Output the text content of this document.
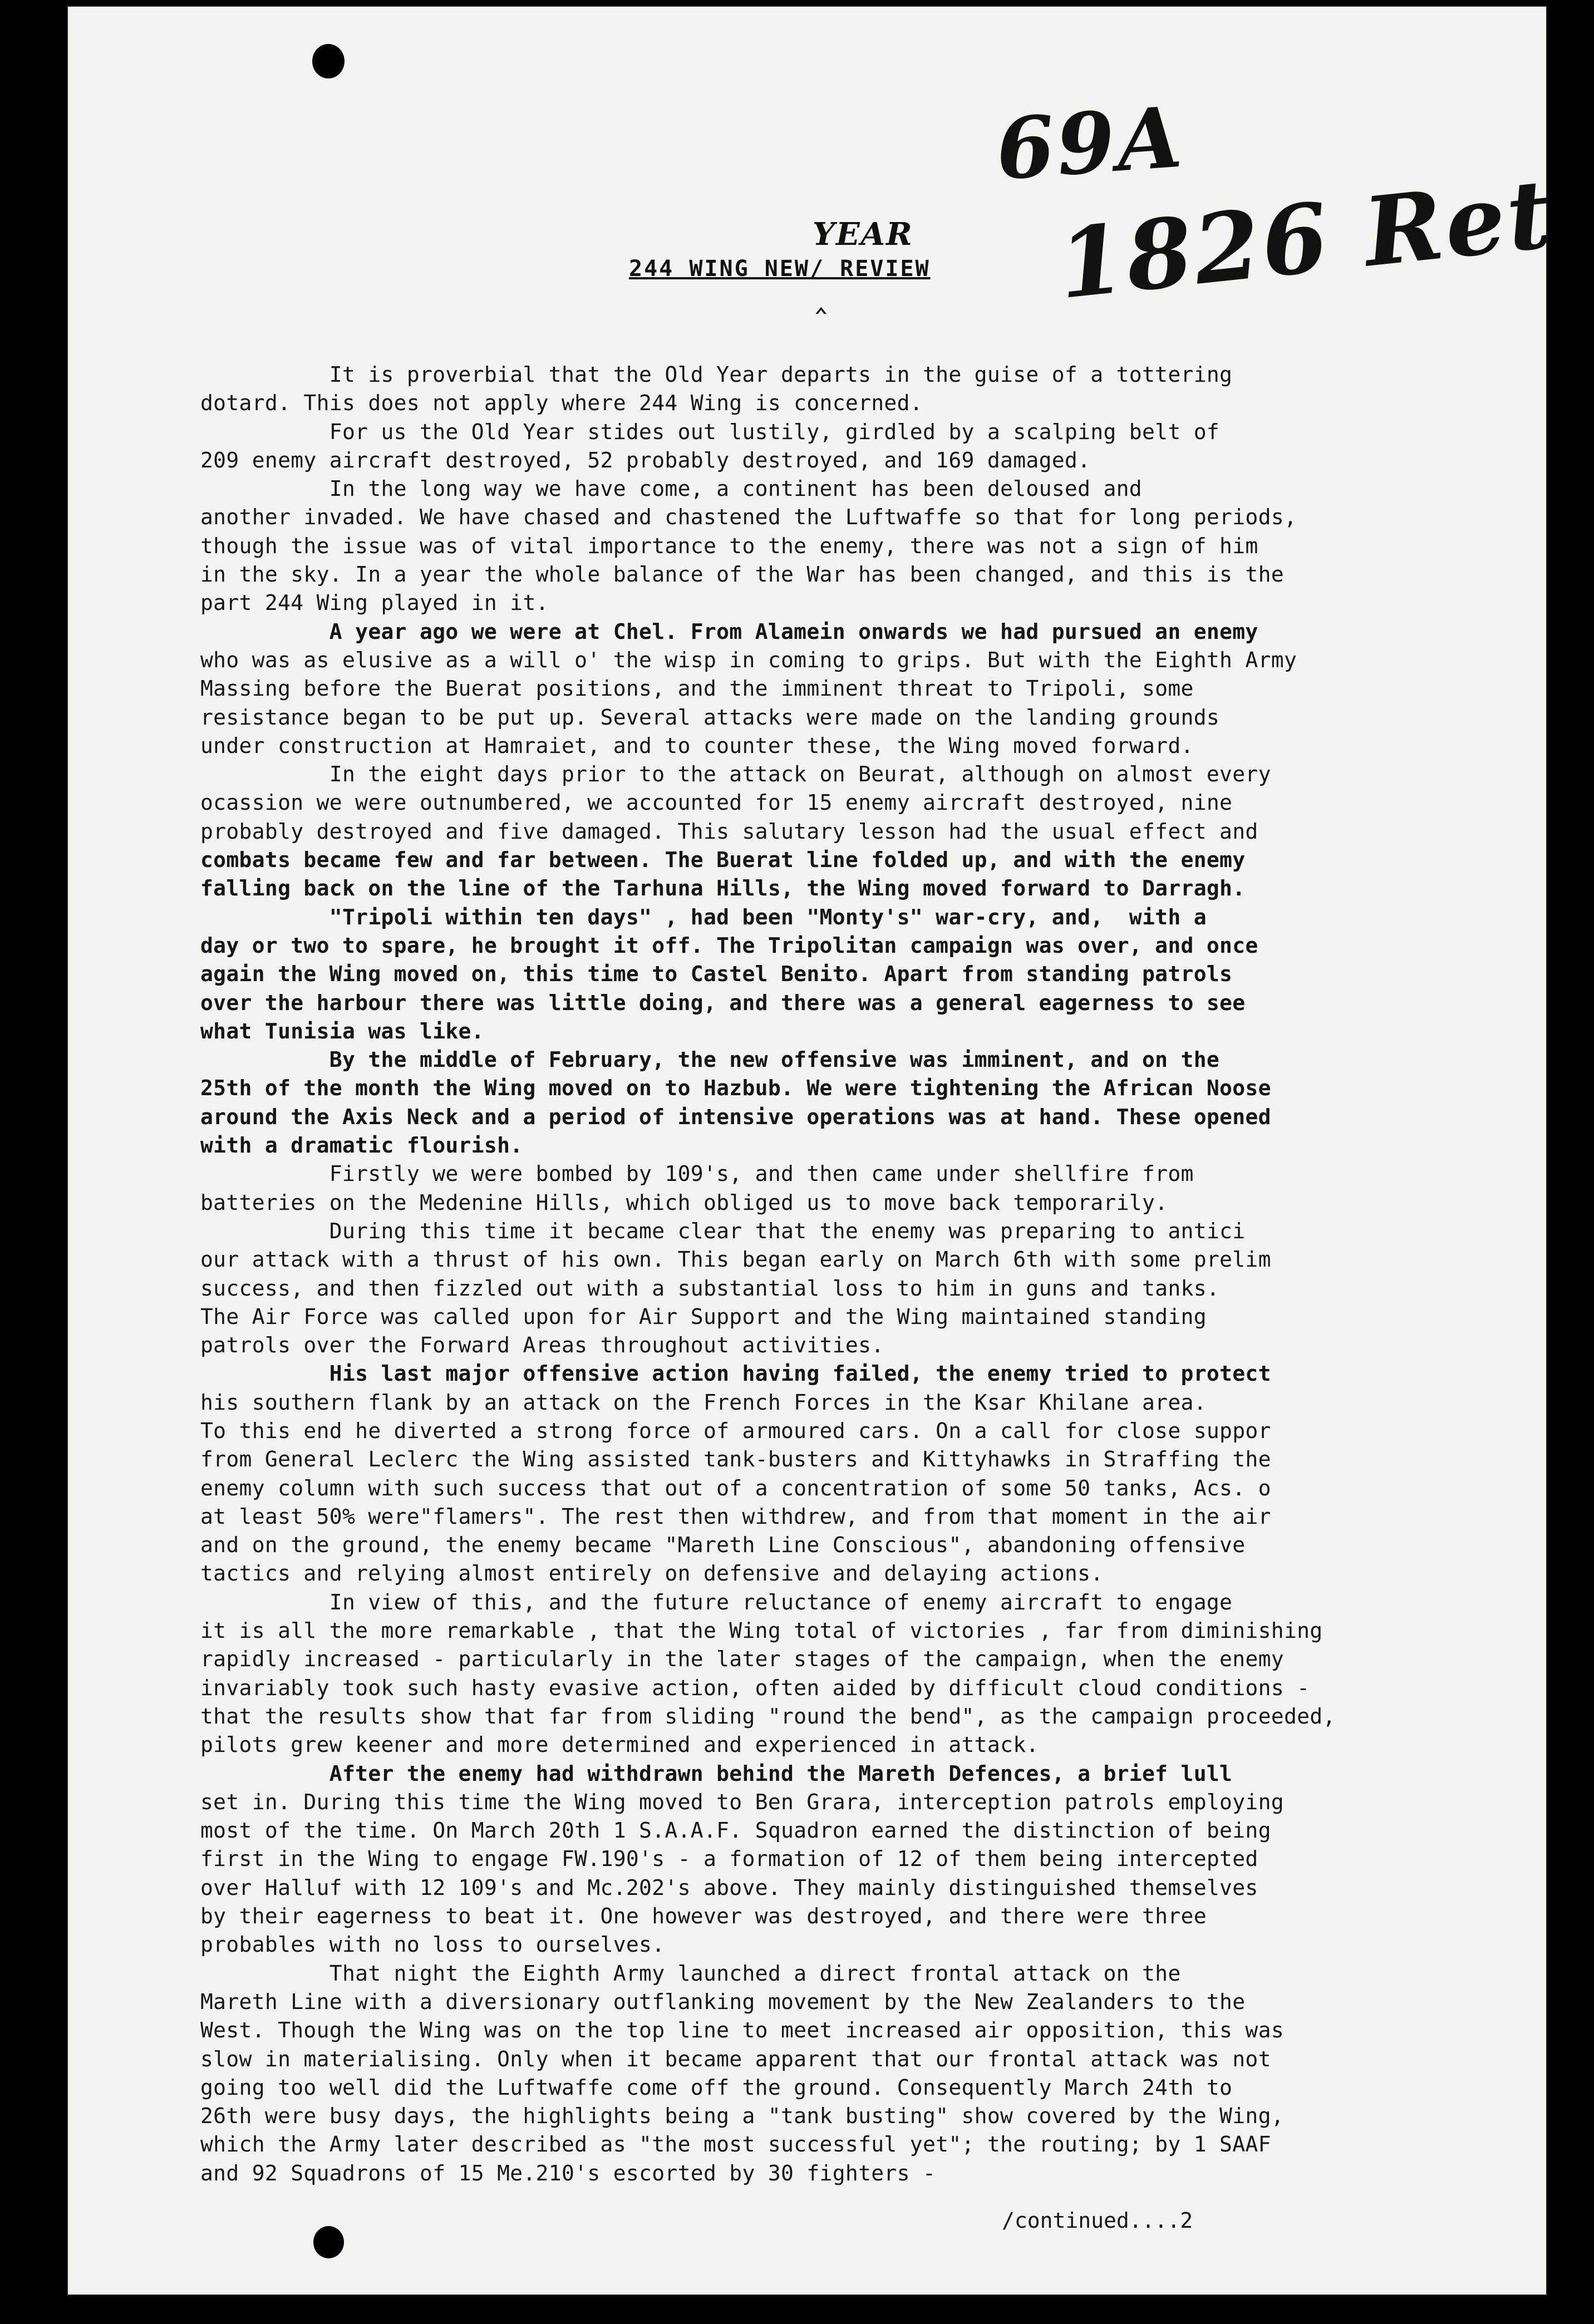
69A
1826 Ret
YEAR
‸
244 WING NEW/ REVIEW
It is proverbial that the Old Year departs in the guise of a tottering
dotard. This does not apply where 244 Wing is concerned.
For us the Old Year stides out lustily, girdled by a scalping belt of
209 enemy aircraft destroyed, 52 probably destroyed, and 169 damaged.
In the long way we have come, a continent has been deloused and
another invaded. We have chased and chastened the Luftwaffe so that for long periods,
though the issue was of vital importance to the enemy, there was not a sign of him
in the sky. In a year the whole balance of the War has been changed, and this is the
part 244 Wing played in it.
A year ago we were at Chel. From Alamein onwards we had pursued an enemy
who was as elusive as a will o' the wisp in coming to grips. But with the Eighth Army
Massing before the Buerat positions, and the imminent threat to Tripoli, some
resistance began to be put up. Several attacks were made on the landing grounds
under construction at Hamraiet, and to counter these, the Wing moved forward.
In the eight days prior to the attack on Beurat, although on almost every
ocassion we were outnumbered, we accounted for 15 enemy aircraft destroyed, nine
probably destroyed and five damaged. This salutary lesson had the usual effect and
combats became few and far between. The Buerat line folded up, and with the enemy
falling back on the line of the Tarhuna Hills, the Wing moved forward to Darragh.
"Tripoli within ten days" , had been "Monty's" war-cry, and,  with a
day or two to spare, he brought it off. The Tripolitan campaign was over, and once
again the Wing moved on, this time to Castel Benito. Apart from standing patrols
over the harbour there was little doing, and there was a general eagerness to see
what Tunisia was like.
By the middle of February, the new offensive was imminent, and on the
25th of the month the Wing moved on to Hazbub. We were tightening the African Noose
around the Axis Neck and a period of intensive operations was at hand. These opened
with a dramatic flourish.
Firstly we were bombed by 109's, and then came under shellfire from
batteries on the Medenine Hills, which obliged us to move back temporarily.
During this time it became clear that the enemy was preparing to antici
our attack with a thrust of his own. This began early on March 6th with some prelim
success, and then fizzled out with a substantial loss to him in guns and tanks.
The Air Force was called upon for Air Support and the Wing maintained standing
patrols over the Forward Areas throughout activities.
His last major offensive action having failed, the enemy tried to protect
his southern flank by an attack on the French Forces in the Ksar Khilane area.
To this end he diverted a strong force of armoured cars. On a call for close suppor
from General Leclerc the Wing assisted tank-busters and Kittyhawks in Straffing the
enemy column with such success that out of a concentration of some 50 tanks, Acs. o
at least 50% were"flamers". The rest then withdrew, and from that moment in the air
and on the ground, the enemy became "Mareth Line Conscious", abandoning offensive
tactics and relying almost entirely on defensive and delaying actions.
In view of this, and the future reluctance of enemy aircraft to engage
it is all the more remarkable , that the Wing total of victories , far from diminishing
rapidly increased - particularly in the later stages of the campaign, when the enemy
invariably took such hasty evasive action, often aided by difficult cloud conditions -
that the results show that far from sliding "round the bend", as the campaign proceeded,
pilots grew keener and more determined and experienced in attack.
After the enemy had withdrawn behind the Mareth Defences, a brief lull
set in. During this time the Wing moved to Ben Grara, interception patrols employing
most of the time. On March 20th 1 S.A.A.F. Squadron earned the distinction of being
first in the Wing to engage FW.190's - a formation of 12 of them being intercepted
over Halluf with 12 109's and Mc.202's above. They mainly distinguished themselves
by their eagerness to beat it. One however was destroyed, and there were three
probables with no loss to ourselves.
That night the Eighth Army launched a direct frontal attack on the
Mareth Line with a diversionary outflanking movement by the New Zealanders to the
West. Though the Wing was on the top line to meet increased air opposition, this was
slow in materialising. Only when it became apparent that our frontal attack was not
going too well did the Luftwaffe come off the ground. Consequently March 24th to
26th were busy days, the highlights being a "tank busting" show covered by the Wing,
which the Army later described as "the most successful yet"; the routing; by 1 SAAF
and 92 Squadrons of 15 Me.210's escorted by 30 fighters -
/continued....2
